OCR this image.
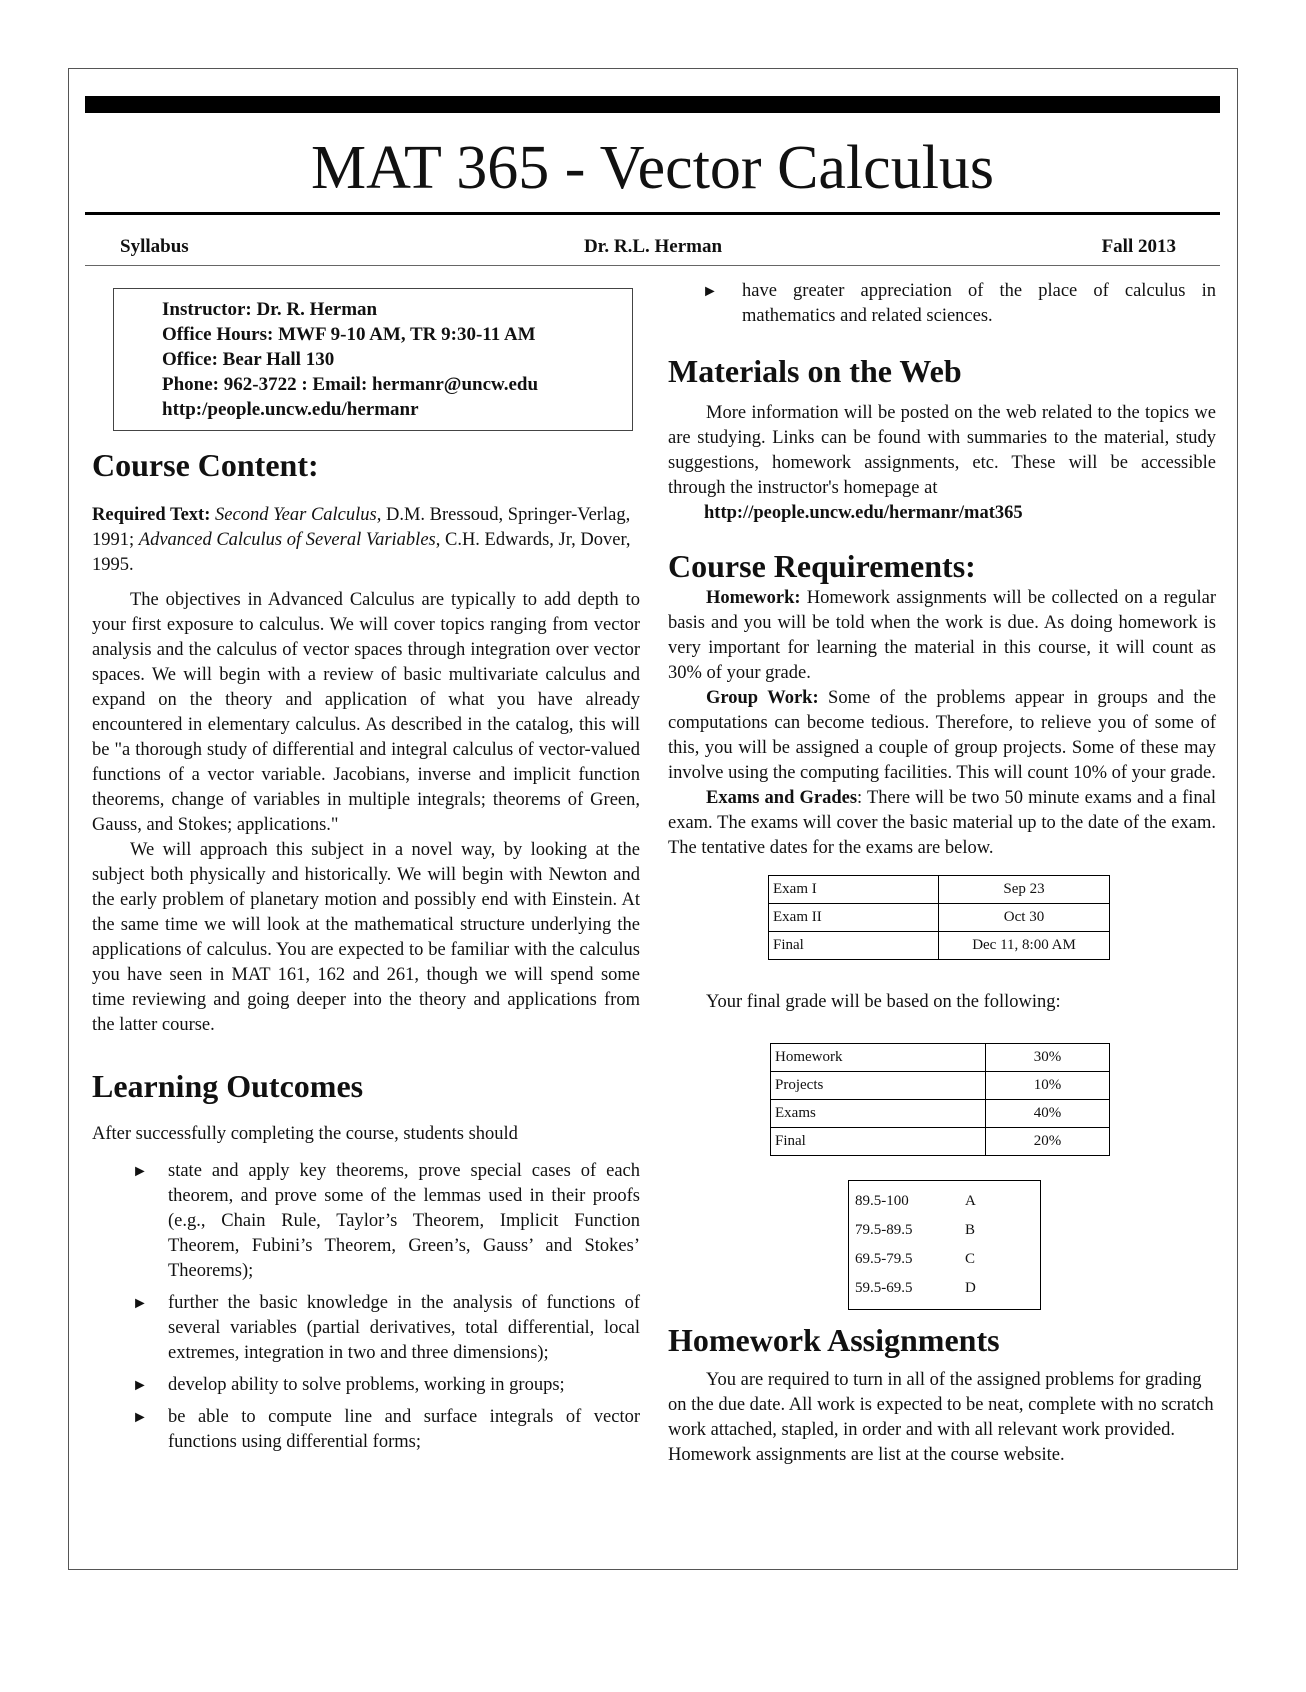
MAT 365 - Vector Calculus
Syllabus	Dr. R.L. Herman	Fall 2013
Instructor: Dr. R. Herman
Office Hours: MWF 9-10 AM, TR 9:30-11 AM
Office: Bear Hall 130
Phone: 962-3722 : Email: hermanr@uncw.edu
http:/people.uncw.edu/hermanr
Course Content:

Required Text: Second Year Calculus, D.M. Bressoud, Springer-Verlag, 1991; Advanced Calculus of Several Variables, C.H. Edwards, Jr, Dover, 1995.

The objectives in Advanced Calculus are typically to add depth to your first exposure to calculus. We will cover topics ranging from vector analysis and the calculus of vector spaces through integration over vector spaces. We will begin with a review of basic multivariate calculus and expand on the theory and application of what you have already encountered in elementary calculus. As described in the catalog, this will be "a thorough study of differential and integral calculus of vector-valued functions of a vector variable. Jacobians, inverse and implicit function theorems, change of variables in multiple integrals; theorems of Green, Gauss, and Stokes; applications."

We will approach this subject in a novel way, by looking at the subject both physically and historically. We will begin with Newton and the early problem of planetary motion and possibly end with Einstein. At the same time we will look at the mathematical structure underlying the applications of calculus. You are expected to be familiar with the calculus you have seen in MAT 161, 162 and 261, though we will spend some time reviewing and going deeper into the theory and applications from the latter course.

Learning Outcomes

After successfully completing the course, students should

► state and apply key theorems, prove special cases of each theorem, and prove some of the lemmas used in their proofs (e.g., Chain Rule, Taylor’s Theorem, Implicit Function Theorem, Fubini’s Theorem, Green’s, Gauss’ and Stokes’ Theorems);
► further the basic knowledge in the analysis of functions of several variables (partial derivatives, total differential, local extremes, integration in two and three dimensions);
► develop ability to solve problems, working in groups;
► be able to compute line and surface integrals of vector functions using differential forms;
► have greater appreciation of the place of calculus in mathematics and related sciences.
Materials on the Web

More information will be posted on the web related to the topics we are studying. Links can be found with summaries to the material, study suggestions, homework assignments, etc. These will be accessible through the instructor's homepage at

http://people.uncw.edu/hermanr/mat365

Course Requirements:

Homework: Homework assignments will be collected on a regular basis and you will be told when the work is due. As doing homework is very important for learning the material in this course, it will count as 30% of your grade.

Group Work: Some of the problems appear in groups and the computations can become tedious. Therefore, to relieve you of some of this, you will be assigned a couple of group projects. Some of these may involve using the computing facilities. This will count 10% of your grade.

Exams and Grades: There will be two 50 minute exams and a final exam. The exams will cover the basic material up to the date of the exam. The tentative dates for the exams are below.

Exam I	Sep 23
Exam II	Oct 30
Final	Dec 11, 8:00 AM

Your final grade will be based on the following:

Homework	30%
Projects	10%
Exams	40%
Final	20%
89.5-100	A
79.5-89.5	B
69.5-79.5	C
59.5-69.5	D
Homework Assignments

You are required to turn in all of the assigned problems for grading on the due date. All work is expected to be neat, complete with no scratch work attached, stapled, in order and with all relevant work provided. Homework assignments are list at the course website.
